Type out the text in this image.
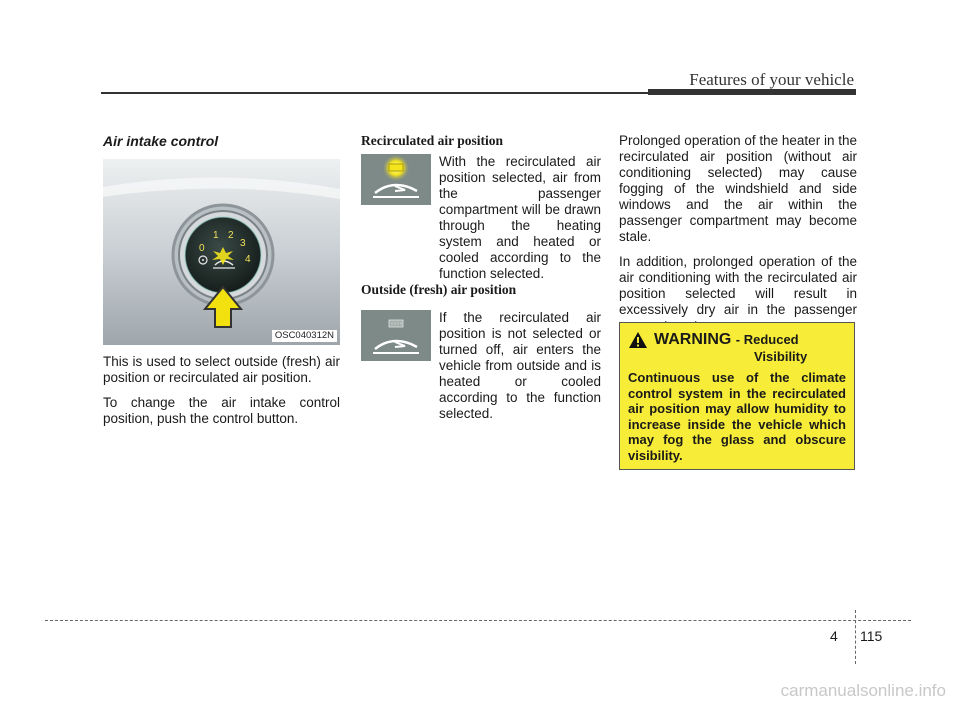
Features of your vehicle
Air intake control
0
1 2
3
4
OSC040312N

This is used to select outside (fresh) air position or recirculated air position.

To change the air intake control position, push the control button.

Recirculated air position
With the recirculated air position selected, air from the passenger compartment will be drawn through the heating system and heated or cooled according to the function selected.
Outside (fresh) air position
If the recirculated air position is not selected or turned off, air enters the vehicle from outside and is heated or cooled according to the function selected.

Prolonged operation of the heater in the recirculated air position (without air conditioning selected) may cause fogging of the windshield and side windows and the air within the passenger compartment may become stale.

In addition, prolonged operation of the air conditioning with the recirculated air position selected will result in excessively dry air in the passenger

WARNING - Reduced
Visibility
Continuous use of the climate control system in the recirculated air position may allow humidity to increase inside the vehicle which may fog the glass and obscure visibility.
4 115
carmanualsonline.info
